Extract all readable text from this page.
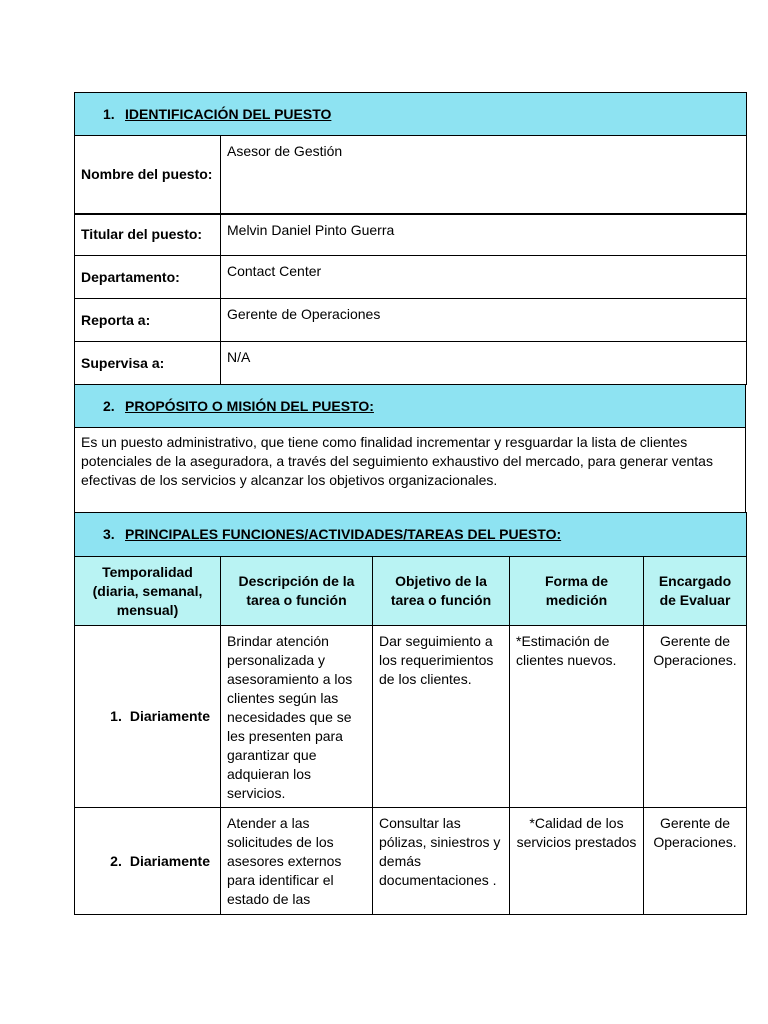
1. IDENTIFICACIÓN DEL PUESTO	
Nombre del puesto:	Asesor de Gestión
Titular del puesto:	Melvin Daniel Pinto Guerra
Departamento:	Contact Center
Reporta a:	Gerente de Operaciones
Supervisa a:	N/A
2. PROPÓSITO O MISIÓN DEL PUESTO:
Es un puesto administrativo, que tiene como finalidad incrementar y resguardar la lista de clientes potenciales de la aseguradora, a través del seguimiento exhaustivo del mercado, para generar ventas efectivas de los servicios y alcanzar los objetivos organizacionales.
3. PRINCIPALES FUNCIONES/ACTIVIDADES/TAREAS DEL PUESTO:				
Temporalidad (diaria, semanal, mensual)	Descripción de la tarea o función	Objetivo de la tarea o función	Forma de medición	Encargado de Evaluar
1. Diariamente	Brindar atención personalizada y asesoramiento a los clientes según las necesidades que se les presenten para garantizar que adquieran los servicios.	Dar seguimiento a los requerimientos de los clientes.	*Estimación de clientes nuevos.	Gerente de Operaciones.
2. Diariamente	Atender a las solicitudes de los asesores externos para identificar el estado de las	Consultar las pólizas, siniestros y demás documentaciones .	*Calidad de los servicios prestados	Gerente de Operaciones.
